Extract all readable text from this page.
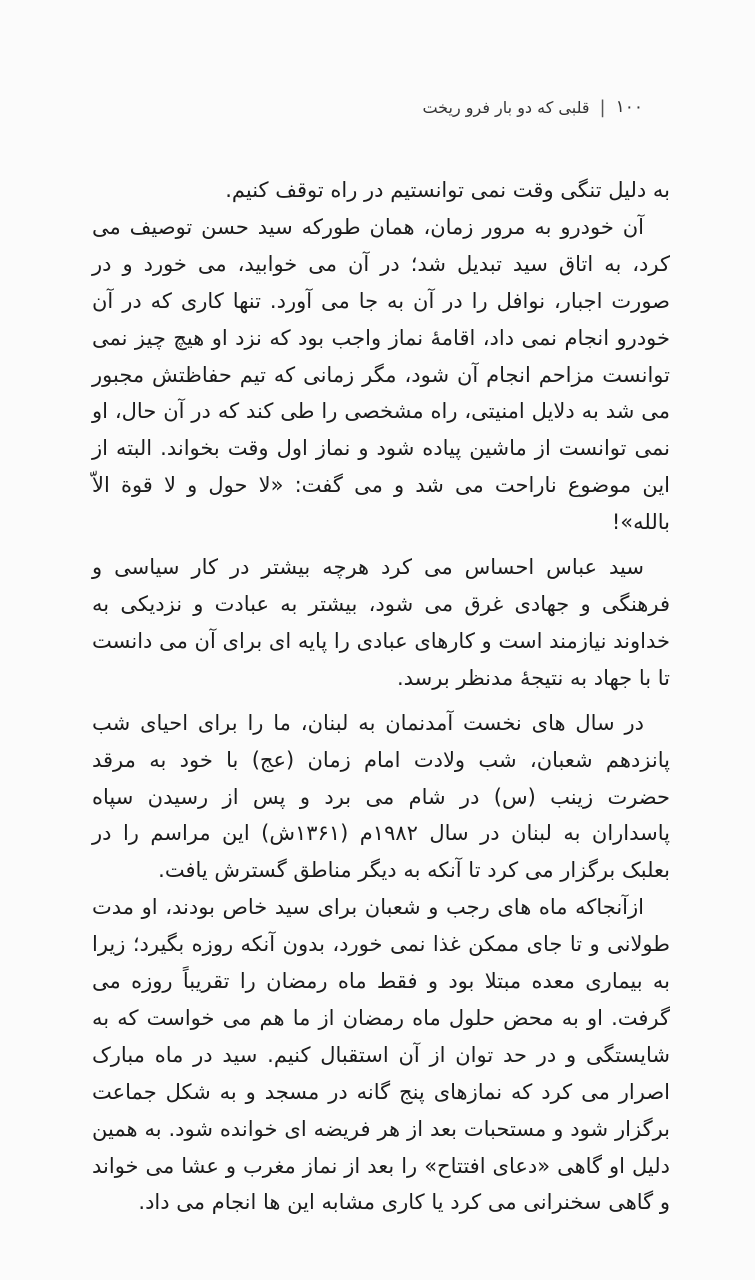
۱۰۰
|
قلبی که دو بار فرو ریخت

به دلیل تنگی وقت نمی توانستیم در راه توقف کنیم.

آن خودرو به مرور زمان، همان طورکه سید حسن توصیف می کرد، به اتاق سید تبدیل شد؛ در آن می خوابید، می خورد و در صورت اجبار، نوافل را در آن به جا می آورد. تنها کاری که در آن خودرو انجام نمی داد، اقامهٔ نماز واجب بود که نزد او هیچ چیز نمی توانست مزاحم انجام آن شود، مگر زمانی که تیم حفاظتش مجبور می شد به دلایل امنیتی، راه مشخصی را طی کند که در آن حال، او نمی توانست از ماشین پیاده شود و نماز اول وقت بخواند. البته از این موضوع ناراحت می شد و می گفت: «لا حول و لا قوة الاّ بالله»!

سید عباس احساس می کرد هرچه بیشتر در کار سیاسی و فرهنگی و جهادی غرق می شود، بیشتر به عبادت و نزدیکی به خداوند نیازمند است و کارهای عبادی را پایه ای برای آن می دانست تا با جهاد به نتیجهٔ مدنظر برسد.

در سال های نخست آمدنمان به لبنان، ما را برای احیای شب پانزدهم شعبان، شب ولادت امام زمان (عج) با خود به مرقد حضرت زینب (س) در شام می برد و پس از رسیدن سپاه پاسداران به لبنان در سال ۱۹۸۲م (۱۳۶۱ش) این مراسم را در بعلبک برگزار می کرد تا آنکه به دیگر مناطق گسترش یافت.

ازآنجاکه ماه های رجب و شعبان برای سید خاص بودند، او مدت طولانی و تا جای ممکن غذا نمی خورد، بدون آنکه روزه بگیرد؛ زیرا به بیماری معده مبتلا بود و فقط ماه رمضان را تقریباً روزه می گرفت. او به محض حلول ماه رمضان از ما هم می خواست که به شایستگی و در حد توان از آن استقبال کنیم. سید در ماه مبارک اصرار می کرد که نمازهای پنج گانه در مسجد و به شکل جماعت برگزار شود و مستحبات بعد از هر فریضه ای خوانده شود. به همین دلیل او گاهی «دعای افتتاح» را بعد از نماز مغرب و عشا می خواند و گاهی سخنرانی می کرد یا کاری مشابه این ها انجام می داد.
